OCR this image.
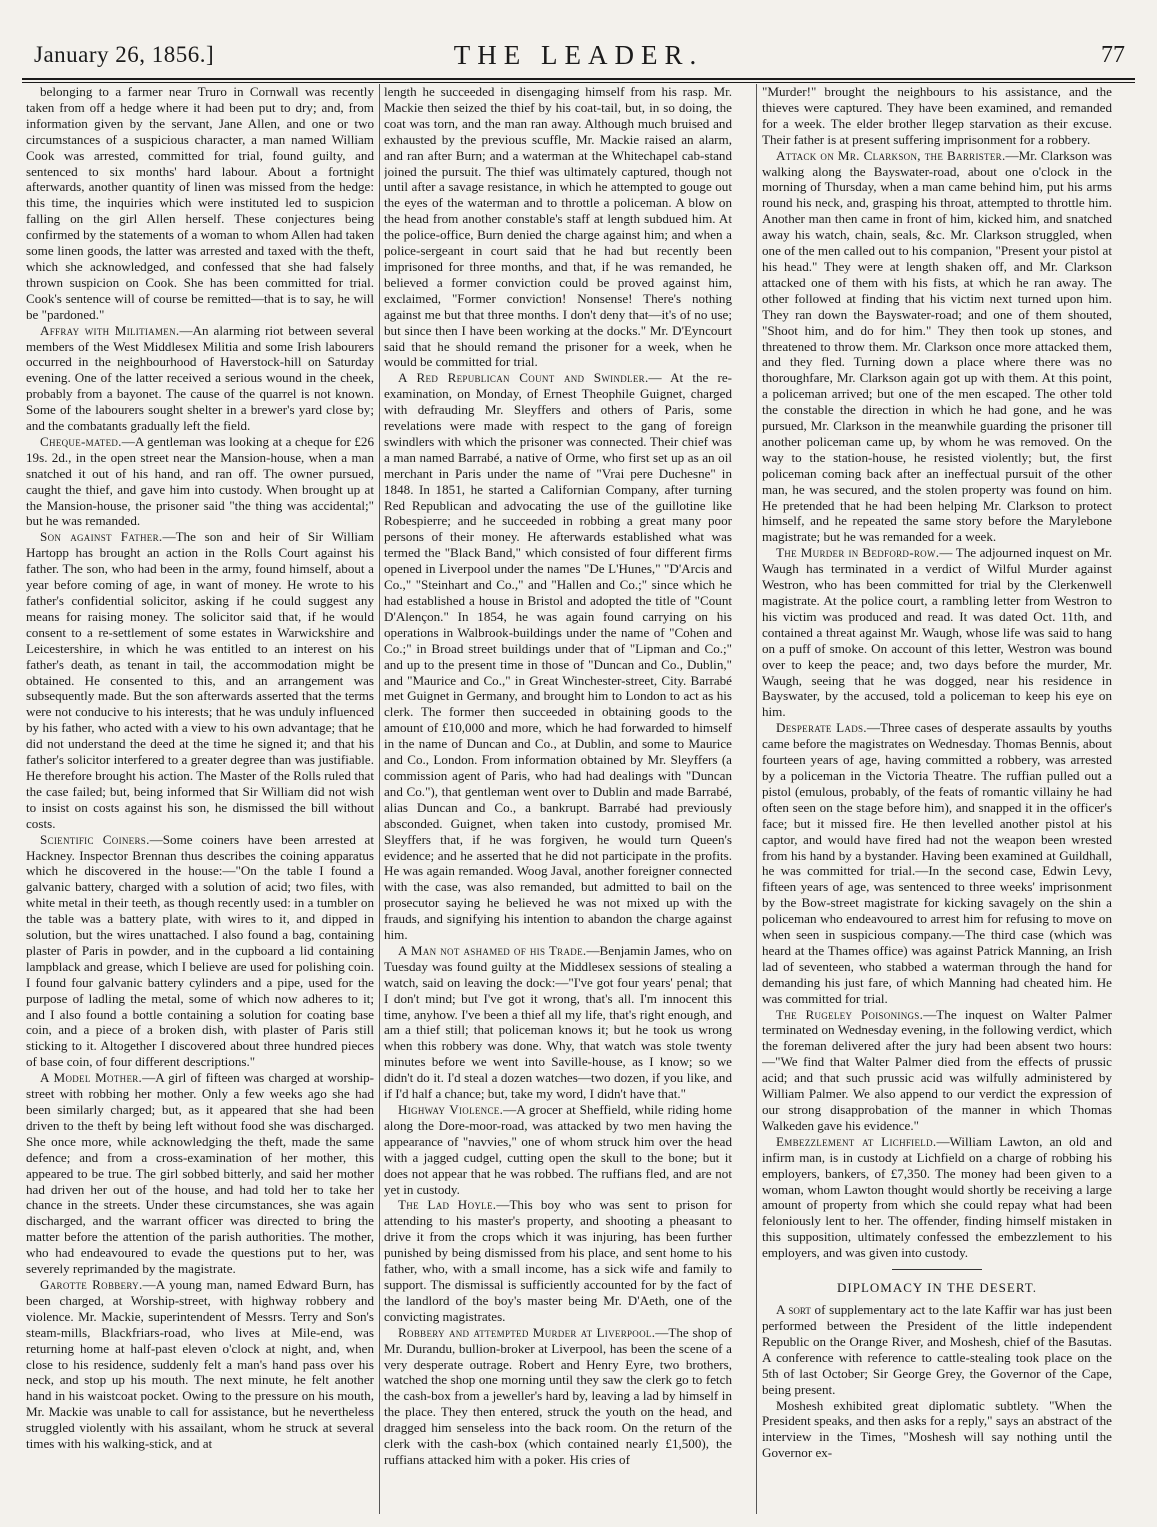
January 26, 1856.]	THE LEADER.	77

belonging to a farmer near Truro in Cornwall was recently taken from off a hedge where it had been put to dry; and, from information given by the servant, Jane Allen, and one or two circumstances of a suspicious character, a man named William Cook was arrested, committed for trial, found guilty, and sentenced to six months' hard labour. About a fortnight afterwards, another quantity of linen was missed from the hedge: this time, the inquiries which were instituted led to suspicion falling on the girl Allen herself. These conjectures being confirmed by the statements of a woman to whom Allen had taken some linen goods, the latter was arrested and taxed with the theft, which she acknowledged, and confessed that she had falsely thrown suspicion on Cook. She has been committed for trial. Cook's sentence will of course be remitted—that is to say, he will be "pardoned."

Affray with Militiamen.—An alarming riot between several members of the West Middlesex Militia and some Irish labourers occurred in the neighbourhood of Haverstock-hill on Saturday evening. One of the latter received a serious wound in the cheek, probably from a bayonet. The cause of the quarrel is not known. Some of the labourers sought shelter in a brewer's yard close by; and the combatants gradually left the field.

Cheque-mated.—A gentleman was looking at a cheque for £26 19s. 2d., in the open street near the Mansion-house, when a man snatched it out of his hand, and ran off. The owner pursued, caught the thief, and gave him into custody. When brought up at the Mansion-house, the prisoner said "the thing was accidental;" but he was remanded.

Son against Father.—The son and heir of Sir William Hartopp has brought an action in the Rolls Court against his father. The son, who had been in the army, found himself, about a year before coming of age, in want of money. He wrote to his father's confidential solicitor, asking if he could suggest any means for raising money. The solicitor said that, if he would consent to a re-settlement of some estates in Warwickshire and Leicestershire, in which he was entitled to an interest on his father's death, as tenant in tail, the accommodation might be obtained. He consented to this, and an arrangement was subsequently made. But the son afterwards asserted that the terms were not conducive to his interests; that he was unduly influenced by his father, who acted with a view to his own advantage; that he did not understand the deed at the time he signed it; and that his father's solicitor interfered to a greater degree than was justifiable. He therefore brought his action. The Master of the Rolls ruled that the case failed; but, being informed that Sir William did not wish to insist on costs against his son, he dismissed the bill without costs.

Scientific Coiners.—Some coiners have been arrested at Hackney. Inspector Brennan thus describes the coining apparatus which he discovered in the house:—"On the table I found a galvanic battery, charged with a solution of acid; two files, with white metal in their teeth, as though recently used: in a tumbler on the table was a battery plate, with wires to it, and dipped in solution, but the wires unattached. I also found a bag, containing plaster of Paris in powder, and in the cupboard a lid containing lampblack and grease, which I believe are used for polishing coin. I found four galvanic battery cylinders and a pipe, used for the purpose of ladling the metal, some of which now adheres to it; and I also found a bottle containing a solution for coating base coin, and a piece of a broken dish, with plaster of Paris still sticking to it. Altogether I discovered about three hundred pieces of base coin, of four different descriptions."

A Model Mother.—A girl of fifteen was charged at worship-street with robbing her mother. Only a few weeks ago she had been similarly charged; but, as it appeared that she had been driven to the theft by being left without food she was discharged. She once more, while acknowledging the theft, made the same defence; and from a cross-examination of her mother, this appeared to be true. The girl sobbed bitterly, and said her mother had driven her out of the house, and had told her to take her chance in the streets. Under these circumstances, she was again discharged, and the warrant officer was directed to bring the matter before the attention of the parish authorities. The mother, who had endeavoured to evade the questions put to her, was severely reprimanded by the magistrate.

Garotte Robbery.—A young man, named Edward Burn, has been charged, at Worship-street, with highway robbery and violence. Mr. Mackie, superintendent of Messrs. Terry and Son's steam-mills, Blackfriars-road, who lives at Mile-end, was returning home at half-past eleven o'clock at night, and, when close to his residence, suddenly felt a man's hand pass over his neck, and stop up his mouth. The next minute, he felt another hand in his waistcoat pocket. Owing to the pressure on his mouth, Mr. Mackie was unable to call for assistance, but he nevertheless struggled violently with his assailant, whom he struck at several times with his walking-stick, and at

length he succeeded in disengaging himself from his rasp. Mr. Mackie then seized the thief by his coat-tail, but, in so doing, the coat was torn, and the man ran away. Although much bruised and exhausted by the previous scuffle, Mr. Mackie raised an alarm, and ran after Burn; and a waterman at the Whitechapel cab-stand joined the pursuit. The thief was ultimately captured, though not until after a savage resistance, in which he attempted to gouge out the eyes of the waterman and to throttle a policeman. A blow on the head from another constable's staff at length subdued him. At the police-office, Burn denied the charge against him; and when a police-sergeant in court said that he had but recently been imprisoned for three months, and that, if he was remanded, he believed a former conviction could be proved against him, exclaimed, "Former conviction! Nonsense! There's nothing against me but that three months. I don't deny that—it's of no use; but since then I have been working at the docks." Mr. D'Eyncourt said that he should remand the prisoner for a week, when he would be committed for trial.

A Red Republican Count and Swindler.— At the re-examination, on Monday, of Ernest Theophile Guignet, charged with defrauding Mr. Sleyffers and others of Paris, some revelations were made with respect to the gang of foreign swindlers with which the prisoner was connected. Their chief was a man named Barrabé, a native of Orme, who first set up as an oil merchant in Paris under the name of "Vrai pere Duchesne" in 1848. In 1851, he started a Californian Company, after turning Red Republican and advocating the use of the guillotine like Robespierre; and he succeeded in robbing a great many poor persons of their money. He afterwards established what was termed the "Black Band," which consisted of four different firms opened in Liverpool under the names "De L'Hunes," "D'Arcis and Co.," "Steinhart and Co.," and "Hallen and Co.;" since which he had established a house in Bristol and adopted the title of "Count D'Alençon." In 1854, he was again found carrying on his operations in Walbrook-buildings under the name of "Cohen and Co.;" in Broad street buildings under that of "Lipman and Co.;" and up to the present time in those of "Duncan and Co., Dublin," and "Maurice and Co.," in Great Winchester-street, City. Barrabé met Guignet in Germany, and brought him to London to act as his clerk. The former then succeeded in obtaining goods to the amount of £10,000 and more, which he had forwarded to himself in the name of Duncan and Co., at Dublin, and some to Maurice and Co., London. From information obtained by Mr. Sleyffers (a commission agent of Paris, who had had dealings with "Duncan and Co."), that gentleman went over to Dublin and made Barrabé, alias Duncan and Co., a bankrupt. Barrabé had previously absconded. Guignet, when taken into custody, promised Mr. Sleyffers that, if he was forgiven, he would turn Queen's evidence; and he asserted that he did not participate in the profits. He was again remanded. Woog Javal, another foreigner connected with the case, was also remanded, but admitted to bail on the prosecutor saying he believed he was not mixed up with the frauds, and signifying his intention to abandon the charge against him.

A Man not ashamed of his Trade.—Benjamin James, who on Tuesday was found guilty at the Middlesex sessions of stealing a watch, said on leaving the dock:—"I've got four years' penal; that I don't mind; but I've got it wrong, that's all. I'm innocent this time, anyhow. I've been a thief all my life, that's right enough, and am a thief still; that policeman knows it; but he took us wrong when this robbery was done. Why, that watch was stole twenty minutes before we went into Saville-house, as I know; so we didn't do it. I'd steal a dozen watches—two dozen, if you like, and if I'd half a chance; but, take my word, I didn't have that."

Highway Violence.—A grocer at Sheffield, while riding home along the Dore-moor-road, was attacked by two men having the appearance of "navvies," one of whom struck him over the head with a jagged cudgel, cutting open the skull to the bone; but it does not appear that he was robbed. The ruffians fled, and are not yet in custody.

The Lad Hoyle.—This boy who was sent to prison for attending to his master's property, and shooting a pheasant to drive it from the crops which it was injuring, has been further punished by being dismissed from his place, and sent home to his father, who, with a small income, has a sick wife and family to support. The dismissal is sufficiently accounted for by the fact of the landlord of the boy's master being Mr. D'Aeth, one of the convicting magistrates.

Robbery and attempted Murder at Liverpool.—The shop of Mr. Durandu, bullion-broker at Liverpool, has been the scene of a very desperate outrage. Robert and Henry Eyre, two brothers, watched the shop one morning until they saw the clerk go to fetch the cash-box from a jeweller's hard by, leaving a lad by himself in the place. They then entered, struck the youth on the head, and dragged him senseless into the back room. On the return of the clerk with the cash-box (which contained nearly £1,500), the ruffians attacked him with a poker. His cries of

"Murder!" brought the neighbours to his assistance, and the thieves were captured. They have been examined, and remanded for a week. The elder brother llegep starvation as their excuse. Their father is at present suffering imprisonment for a robbery.

Attack on Mr. Clarkson, the Barrister.—Mr. Clarkson was walking along the Bayswater-road, about one o'clock in the morning of Thursday, when a man came behind him, put his arms round his neck, and, grasping his throat, attempted to throttle him. Another man then came in front of him, kicked him, and snatched away his watch, chain, seals, &c. Mr. Clarkson struggled, when one of the men called out to his companion, "Present your pistol at his head." They were at length shaken off, and Mr. Clarkson attacked one of them with his fists, at which he ran away. The other followed at finding that his victim next turned upon him. They ran down the Bayswater-road; and one of them shouted, "Shoot him, and do for him." They then took up stones, and threatened to throw them. Mr. Clarkson once more attacked them, and they fled. Turning down a place where there was no thoroughfare, Mr. Clarkson again got up with them. At this point, a policeman arrived; but one of the men escaped. The other told the constable the direction in which he had gone, and he was pursued, Mr. Clarkson in the meanwhile guarding the prisoner till another policeman came up, by whom he was removed. On the way to the station-house, he resisted violently; but, the first policeman coming back after an ineffectual pursuit of the other man, he was secured, and the stolen property was found on him. He pretended that he had been helping Mr. Clarkson to protect himself, and he repeated the same story before the Marylebone magistrate; but he was remanded for a week.

The Murder in Bedford-row.— The adjourned inquest on Mr. Waugh has terminated in a verdict of Wilful Murder against Westron, who has been committed for trial by the Clerkenwell magistrate. At the police court, a rambling letter from Westron to his victim was produced and read. It was dated Oct. 11th, and contained a threat against Mr. Waugh, whose life was said to hang on a puff of smoke. On account of this letter, Westron was bound over to keep the peace; and, two days before the murder, Mr. Waugh, seeing that he was dogged, near his residence in Bayswater, by the accused, told a policeman to keep his eye on him.

Desperate Lads.—Three cases of desperate assaults by youths came before the magistrates on Wednesday. Thomas Bennis, about fourteen years of age, having committed a robbery, was arrested by a policeman in the Victoria Theatre. The ruffian pulled out a pistol (emulous, probably, of the feats of romantic villainy he had often seen on the stage before him), and snapped it in the officer's face; but it missed fire. He then levelled another pistol at his captor, and would have fired had not the weapon been wrested from his hand by a bystander. Having been examined at Guildhall, he was committed for trial.—In the second case, Edwin Levy, fifteen years of age, was sentenced to three weeks' imprisonment by the Bow-street magistrate for kicking savagely on the shin a policeman who endeavoured to arrest him for refusing to move on when seen in suspicious company.—The third case (which was heard at the Thames office) was against Patrick Manning, an Irish lad of seventeen, who stabbed a waterman through the hand for demanding his just fare, of which Manning had cheated him. He was committed for trial.

The Rugeley Poisonings.—The inquest on Walter Palmer terminated on Wednesday evening, in the following verdict, which the foreman delivered after the jury had been absent two hours:—"We find that Walter Palmer died from the effects of prussic acid; and that such prussic acid was wilfully administered by William Palmer. We also append to our verdict the expression of our strong disapprobation of the manner in which Thomas Walkeden gave his evidence."

Embezzlement at Lichfield.—William Lawton, an old and infirm man, is in custody at Lichfield on a charge of robbing his employers, bankers, of £7,350. The money had been given to a woman, whom Lawton thought would shortly be receiving a large amount of property from which she could repay what had been feloniously lent to her. The offender, finding himself mistaken in this supposition, ultimately confessed the embezzlement to his employers, and was given into custody.

DIPLOMACY IN THE DESERT.

A sort of supplementary act to the late Kaffir war has just been performed between the President of the little independent Republic on the Orange River, and Moshesh, chief of the Basutas. A conference with reference to cattle-stealing took place on the 5th of last October; Sir George Grey, the Governor of the Cape, being present.

Moshesh exhibited great diplomatic subtlety. "When the President speaks, and then asks for a reply," says an abstract of the interview in the Times, "Moshesh will say nothing until the Governor ex-
